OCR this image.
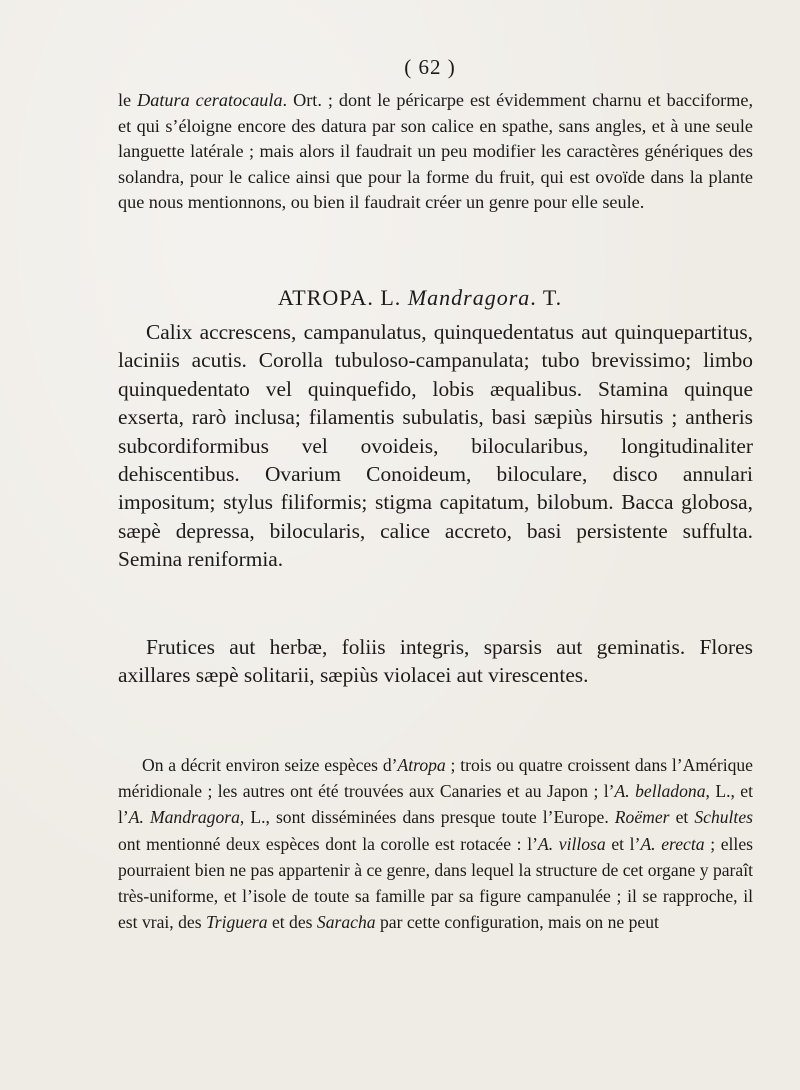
( 62 )
le Datura ceratocaula. Ort. ; dont le péricarpe est évidemment charnu et bacciforme, et qui s’éloigne encore des datura par son calice en spathe, sans angles, et à une seule languette latérale ; mais alors il faudrait un peu modifier les caractères génériques des solandra, pour le calice ainsi que pour la forme du fruit, qui est ovoïde dans la plante que nous mentionnons, ou bien il faudrait créer un genre pour elle seule.
ATROPA. L. Mandragora. T.
Calix accrescens, campanulatus, quinquedentatus aut quinquepartitus, laciniis acutis. Corolla tubuloso-campanulata; tubo brevissimo; limbo quinquedentato vel quinquefido, lobis æqualibus. Stamina quinque exserta, rarò inclusa; filamentis subulatis, basi sæpiùs hirsutis ; antheris subcordiformibus vel ovoideis, bilocularibus, longitudinaliter dehiscentibus. Ovarium Conoideum, biloculare, disco annulari impositum; stylus filiformis; stigma capitatum, bilobum. Bacca globosa, sæpè depressa, bilocularis, calice accreto, basi persistente suffulta. Semina reniformia.
Frutices aut herbæ, foliis integris, sparsis aut geminatis. Flores axillares sæpè solitarii, sæpiùs violacei aut virescentes.
On a décrit environ seize espèces d’Atropa ; trois ou quatre croissent dans l’Amérique méridionale ; les autres ont été trouvées aux Canaries et au Japon ; l’A. belladona, L., et l’A. Mandragora, L., sont disséminées dans presque toute l’Europe. Roëmer et Schultes ont mentionné deux espèces dont la corolle est rotacée : l’A. villosa et l’A. erecta ; elles pourraient bien ne pas appartenir à ce genre, dans lequel la structure de cet organe y paraît très-uniforme, et l’isole de toute sa famille par sa figure campanulée ; il se rapproche, il est vrai, des Triguera et des Saracha par cette configuration, mais on ne peut
